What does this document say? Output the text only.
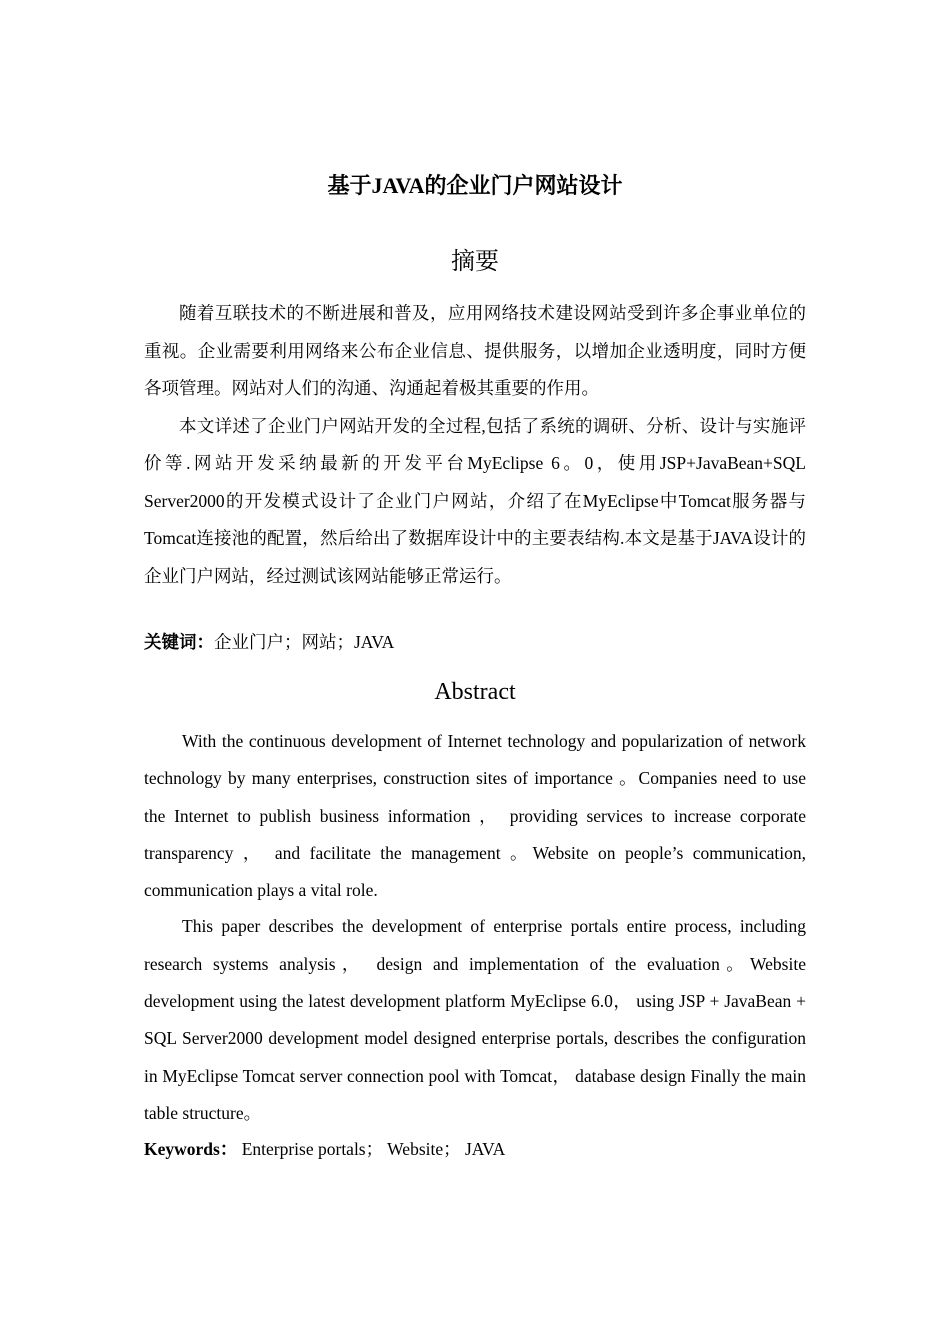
基于JAVA的企业门户网站设计
摘要

随着互联技术的不断进展和普及，应用网络技术建设网站受到许多企事业单位的重视。企业需要利用网络来公布企业信息、提供服务，以增加企业透明度，同时方便各项管理。网站对人们的沟通、沟通起着极其重要的作用。

本文详述了企业门户网站开发的全过程,包括了系统的调研、分析、设计与实施评价等.网站开发采纳最新的开发平台MyEclipse 6。0，使用JSP+JavaBean+SQL Server2000的开发模式设计了企业门户网站，介绍了在MyEclipse中Tomcat服务器与Tomcat连接池的配置，然后给出了数据库设计中的主要表结构.本文是基于JAVA设计的企业门户网站，经过测试该网站能够正常运行。

关键词：企业门户；网站；JAVA
Abstract

With the continuous development of Internet technology and popularization of network technology by many enterprises, construction sites of importance 。Companies need to use the Internet to publish business information ， providing services to increase corporate transparency ， and facilitate the management 。Website on people’s communication, communication plays a vital role.

This paper describes the development of enterprise portals entire process, including research systems analysis， design and implementation of the evaluation。Website development using the latest development platform MyEclipse 6.0， using JSP + JavaBean + SQL Server2000 development model designed enterprise portals, describes the configuration in MyEclipse Tomcat server connection pool with Tomcat， database design Finally the main table structure。

Keywords： Enterprise portals； Website； JAVA
